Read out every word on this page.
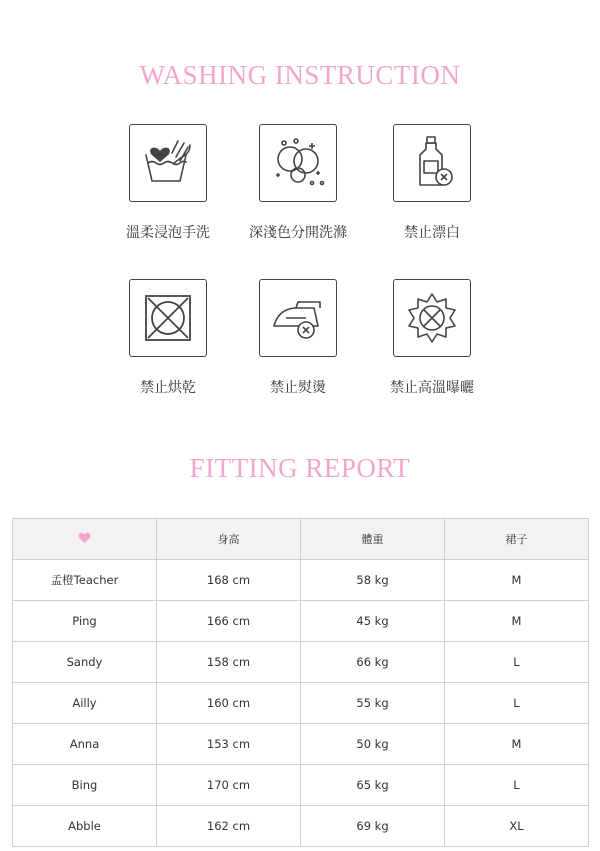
WASHING INSTRUCTION
溫柔浸泡手洗	深淺色分開洗滌	禁止漂白
禁止烘乾	禁止熨燙	禁止高溫曝曬
FITTING REPORT
	身高	體重	裙子
孟橙Teacher	168 cm	58 kg	M
Ping	166 cm	45 kg	M
Sandy	158 cm	66 kg	L
Ailly	160 cm	55 kg	L
Anna	153 cm	50 kg	M
Bing	170 cm	65 kg	L
Abble	162 cm	69 kg	XL
